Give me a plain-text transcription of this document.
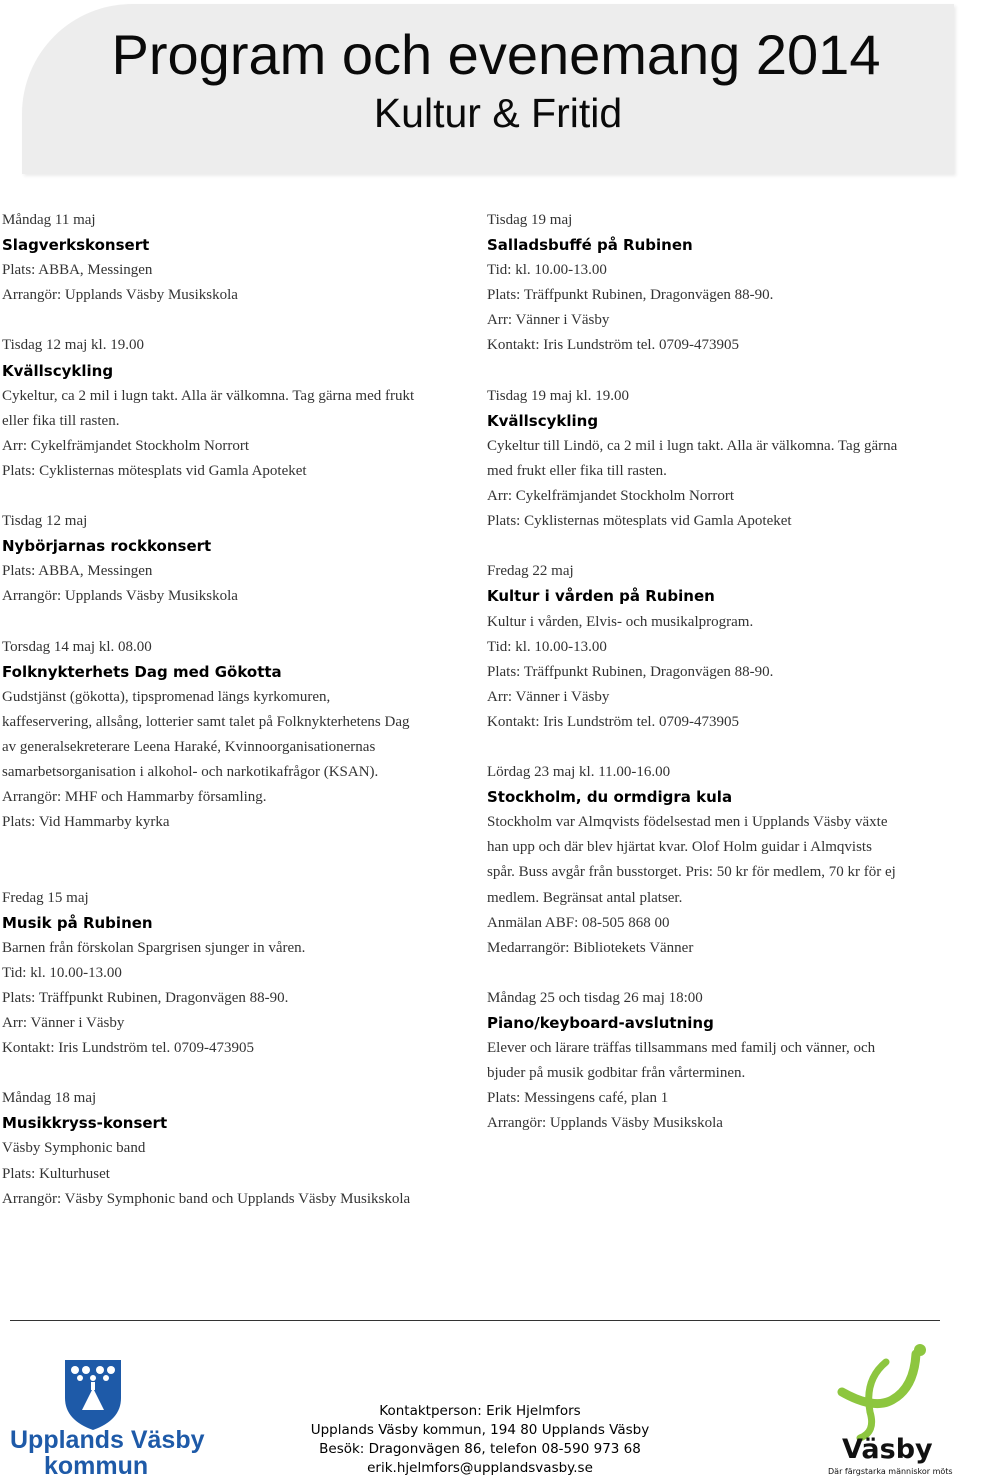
Program och evenemang 2014
Kultur & Fritid
Måndag 11 maj
Slagverkskonsert
Plats: ABBA, Messingen
Arrangör: Upplands Väsby Musikskola
Tisdag 12 maj kl. 19.00
Kvällscykling
Cykeltur, ca 2 mil i lugn takt. Alla är välkomna. Tag gärna med frukt
eller fika till rasten.
Arr: Cykelfrämjandet Stockholm Norrort
Plats: Cyklisternas mötesplats vid Gamla Apoteket
Tisdag 12 maj
Nybörjarnas rockkonsert
Plats: ABBA, Messingen
Arrangör: Upplands Väsby Musikskola
Torsdag 14 maj kl. 08.00
Folknykterhets Dag med Gökotta
Gudstjänst (gökotta), tipspromenad längs kyrkomuren,
kaffeservering, allsång, lotterier samt talet på Folknykterhetens Dag
av generalsekreterare Leena Haraké, Kvinnoorganisationernas
samarbetsorganisation i alkohol- och narkotikafrågor (KSAN).
Arrangör: MHF och Hammarby församling.
Plats: Vid Hammarby kyrka

Fredag 15 maj
Musik på Rubinen
Barnen från förskolan Spargrisen sjunger in våren.
Tid: kl. 10.00-13.00
Plats: Träffpunkt Rubinen, Dragonvägen 88-90.
Arr: Vänner i Väsby
Kontakt: Iris Lundström tel. 0709-473905
Måndag 18 maj
Musikkryss-konsert
Väsby Symphonic band
Plats: Kulturhuset
Arrangör: Väsby Symphonic band och Upplands Väsby Musikskola
Tisdag 19 maj
Salladsbuffé på Rubinen
Tid: kl. 10.00-13.00
Plats: Träffpunkt Rubinen, Dragonvägen 88-90.
Arr: Vänner i Väsby
Kontakt: Iris Lundström tel. 0709-473905
Tisdag 19 maj kl. 19.00
Kvällscykling
Cykeltur till Lindö, ca 2 mil i lugn takt. Alla är välkomna. Tag gärna
med frukt eller fika till rasten.
Arr: Cykelfrämjandet Stockholm Norrort
Plats: Cyklisternas mötesplats vid Gamla Apoteket
Fredag 22 maj
Kultur i vården på Rubinen
Kultur i vården, Elvis- och musikalprogram.
Tid: kl. 10.00-13.00
Plats: Träffpunkt Rubinen, Dragonvägen 88-90.
Arr: Vänner i Väsby
Kontakt: Iris Lundström tel. 0709-473905
Lördag 23 maj kl. 11.00-16.00
Stockholm, du ormdigra kula
Stockholm var Almqvists födelsestad men i Upplands Väsby växte
han upp och där blev hjärtat kvar. Olof Holm guidar i Almqvists
spår. Buss avgår från busstorget. Pris: 50 kr för medlem, 70 kr för ej
medlem. Begränsat antal platser.
Anmälan ABF: 08-505 868 00
Medarrangör: Bibliotekets Vänner
Måndag 25 och tisdag 26 maj 18:00
Piano/keyboard-avslutning
Elever och lärare träffas tillsammans med familj och vänner, och
bjuder på musik godbitar från vårterminen.
Plats: Messingens café, plan 1
Arrangör: Upplands Väsby Musikskola
Upplands Väsby
kommun
Kontaktperson: Erik Hjelmfors
Upplands Väsby kommun, 194 80 Upplands Väsby
Besök: Dragonvägen 86, telefon 08-590 973 68
erik.hjelmfors@upplandsvasby.se
Väsby
Där färgstarka människor möts
